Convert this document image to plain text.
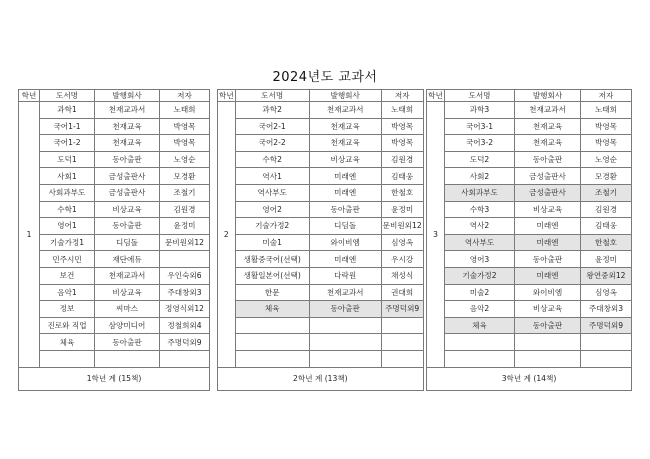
2024년도 교과서
학년	도서명	발행회사	저자
1	과학1	천재교과서	노태희
	국어1-1	천재교육	박영목
	국어1-2	천재교육	박영목
	도덕1	동아출판	노영순
	사회1	금성출판사	모경환
	사회과부도	금성출판사	조철기
	수학1	비상교육	김원경
	영어1	동아출판	윤정미
	기술가정1	디딤돌	문비원외12
	민주시민	재단에듀	
	보건	천재교과서	우인숙외6
	음악1	비상교육	주대창외3
	정보	씨마스	정영식외12
	진로와 직업	삼양미디어	정철희외4
	체육	동아출판	주명덕외9

1학년 계 (15책)			
학년	도서명	발행회사	저자
2	과학2	천재교과서	노태희
	국어2-1	천재교육	박영목
	국어2-2	천재교육	박영목
	수학2	비상교육	김원경
	역사1	미래엔	김태웅
	역사부도	미래엔	한철호
	영어2	동아출판	윤정미
	기술가정2	디딤돌	문비원외12
	미술1	와이비엠	심영옥
	생활중국어(선택)	미래엔	우시강
	생활일본어(선택)	다락원	채성식
	한문	천재교과서	권대희
	체육	동아출판	주명덕외9

2학년 계 (13책)			
학년	도서명	발행회사	저자
3	과학3	천재교과서	노태희
	국어3-1	천재교육	박영목
	국어3-2	천재교육	박영목
	도덕2	동아출판	노영순
	사회2	금성출판사	모경환
	사회과부도	금성출판사	조철기
	수학3	비상교육	김원경
	역사2	미래엔	김태웅
	역사부도	미래엔	한철호
	영어3	동아출판	윤정미
	기술가정2	미래엔	왕연중외12
	미술2	와이비엠	심영옥
	음악2	비상교육	주대창외3
	체육	동아출판	주명덕외9

3학년 계 (14책)			
